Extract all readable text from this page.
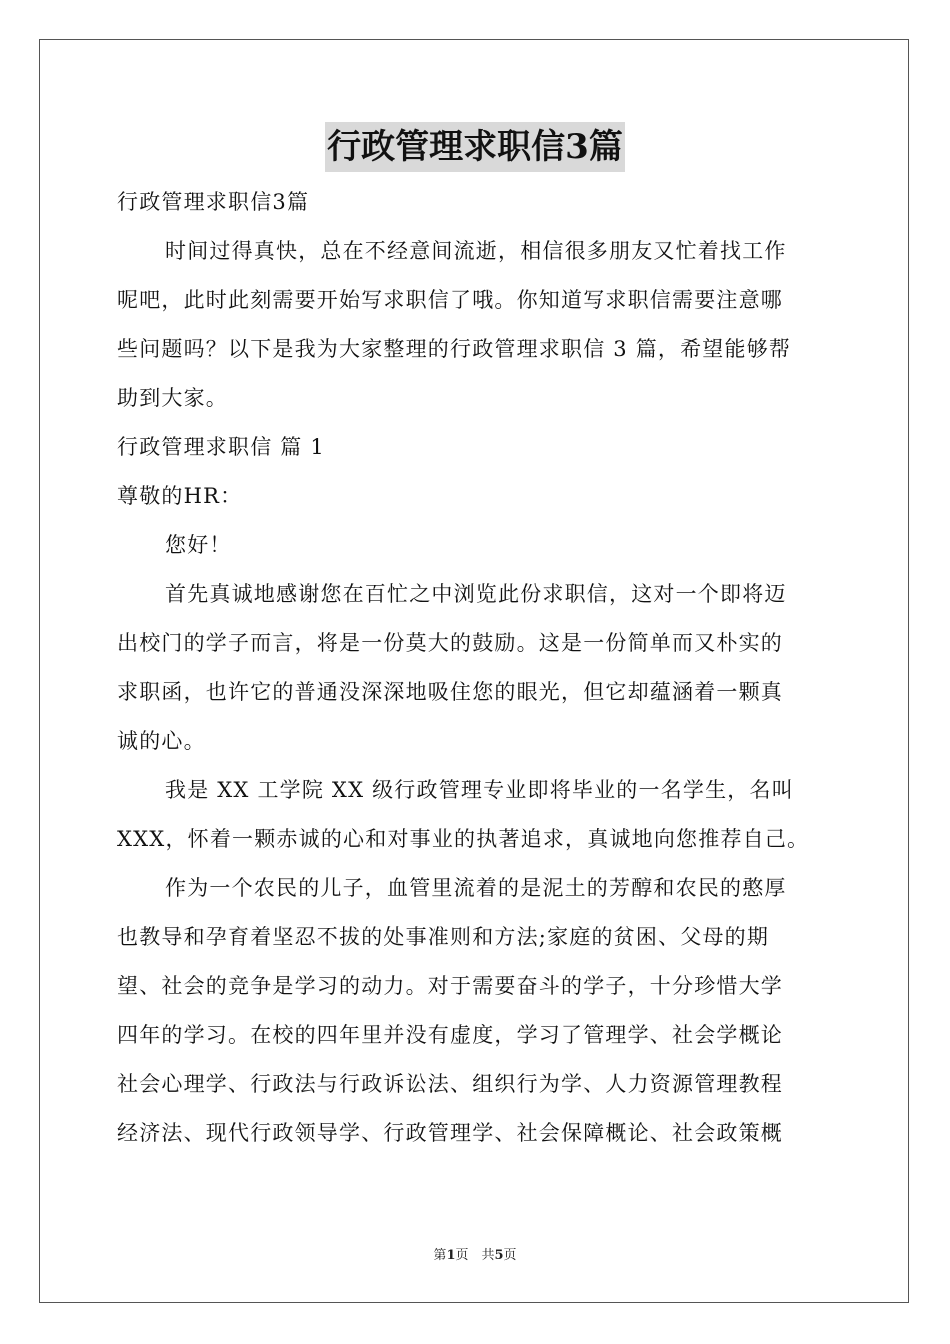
行政管理求职信3篇
行政管理求职信3篇
时间过得真快，总在不经意间流逝，相信很多朋友又忙着找工作
呢吧，此时此刻需要开始写求职信了哦。你知道写求职信需要注意哪
些问题吗？以下是我为大家整理的行政管理求职信 3 篇，希望能够帮
助到大家。
行政管理求职信 篇 1
尊敬的HR：
您好！
首先真诚地感谢您在百忙之中浏览此份求职信，这对一个即将迈
出校门的学子而言，将是一份莫大的鼓励。这是一份简单而又朴实的
求职函，也许它的普通没深深地吸住您的眼光，但它却蕴涵着一颗真
诚的心。
我是 XX 工学院 XX 级行政管理专业即将毕业的一名学生，名叫
XXX，怀着一颗赤诚的心和对事业的执著追求，真诚地向您推荐自己。
作为一个农民的儿子，血管里流着的是泥土的芳醇和农民的憨厚
也教导和孕育着坚忍不拔的处事准则和方法;家庭的贫困、父母的期
望、社会的竞争是学习的动力。对于需要奋斗的学子，十分珍惜大学
四年的学习。在校的四年里并没有虚度，学习了管理学、社会学概论
社会心理学、行政法与行政诉讼法、组织行为学、人力资源管理教程
经济法、现代行政领导学、行政管理学、社会保障概论、社会政策概
第1页　共5页
